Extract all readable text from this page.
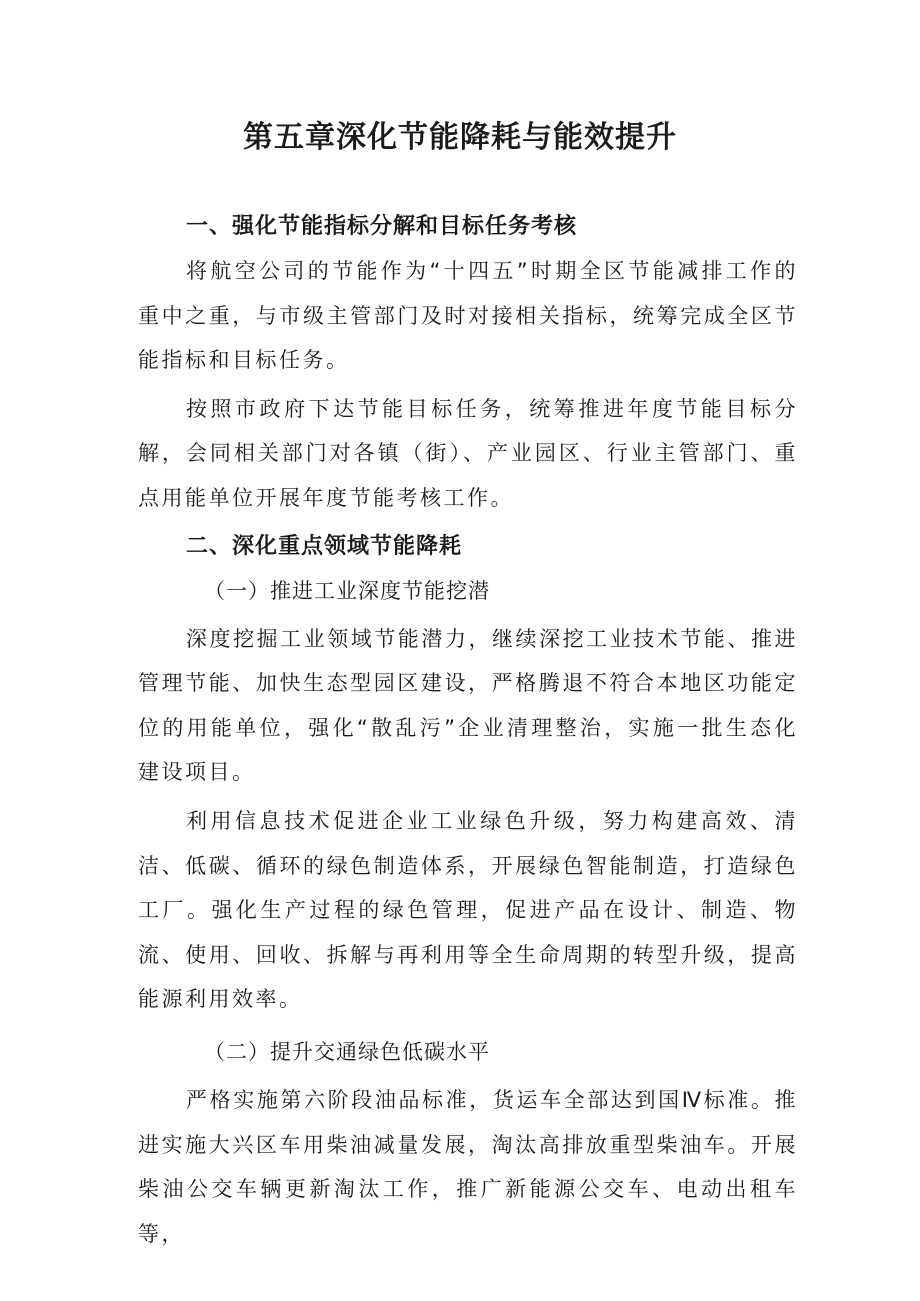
第五章深化节能降耗与能效提升

一、强化节能指标分解和目标任务考核

将航空公司的节能作为“十四五”时期全区节能减排工作的重中之重，与市级主管部门及时对接相关指标，统筹完成全区节能指标和目标任务。

按照市政府下达节能目标任务，统筹推进年度节能目标分解，会同相关部门对各镇（街）、产业园区、行业主管部门、重点用能单位开展年度节能考核工作。

二、深化重点领域节能降耗

（一）推进工业深度节能挖潜

深度挖掘工业领域节能潜力，继续深挖工业技术节能、推进管理节能、加快生态型园区建设，严格腾退不符合本地区功能定位的用能单位，强化“散乱污”企业清理整治，实施一批生态化建设项目。

利用信息技术促进企业工业绿色升级，努力构建高效、清洁、低碳、循环的绿色制造体系，开展绿色智能制造，打造绿色工厂。强化生产过程的绿色管理，促进产品在设计、制造、物流、使用、回收、拆解与再利用等全生命周期的转型升级，提高能源利用效率。

（二）提升交通绿色低碳水平

严格实施第六阶段油品标准，货运车全部达到国Ⅳ标准。推进实施大兴区车用柴油减量发展，淘汰高排放重型柴油车。开展柴油公交车辆更新淘汰工作，推广新能源公交车、电动出租车等，
